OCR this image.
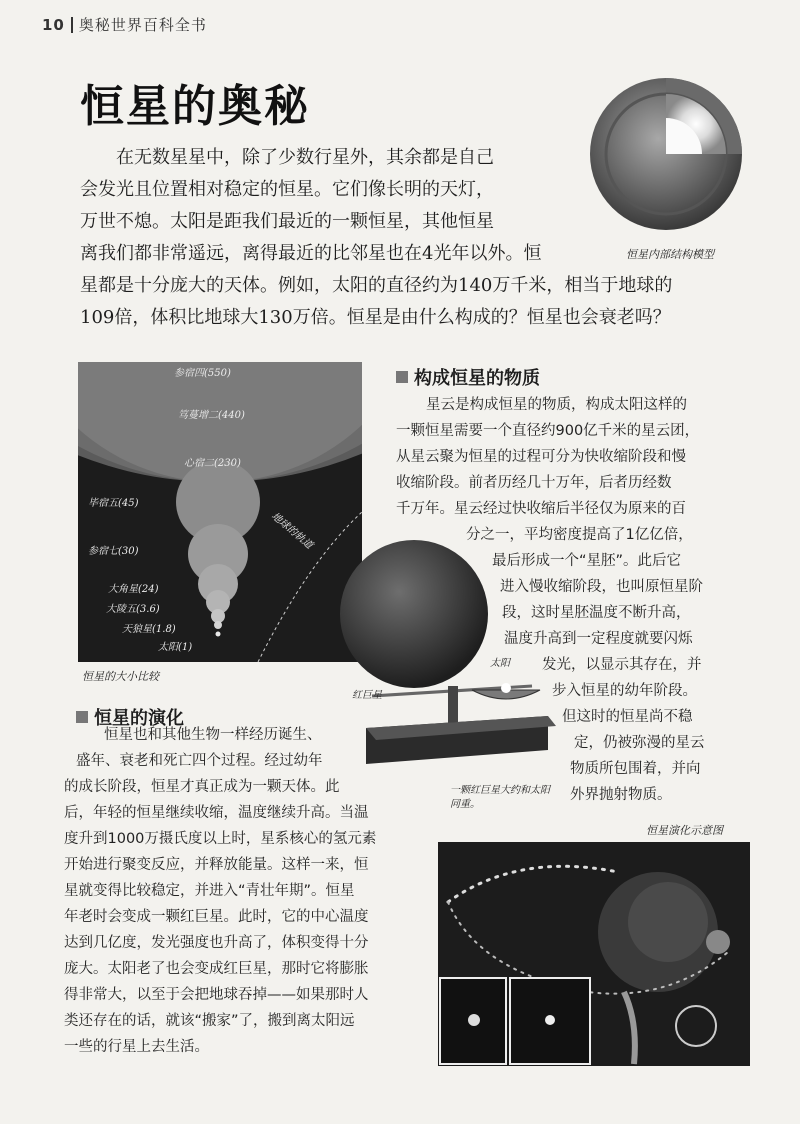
10 奥秘世界百科全书
恒星的奥秘
恒星内部结构模型

在无数星星中，除了少数行星外，其余都是自己

会发光且位置相对稳定的恒星。它们像长明的天灯，

万世不熄。太阳是距我们最近的一颗恒星，其他恒星

离我们都非常遥远，离得最近的比邻星也在4光年以外。恒

星都是十分庞大的天体。例如，太阳的直径约为140万千米，相当于地球的

109倍，体积比地球大130万倍。恒星是由什么构成的？恒星也会衰老吗？

参宿四(550)
笃蔓增二(440)
心宿二(230)
毕宿五(45)
参宿七(30)
大角星(24)
大陵五(3.6)
天狼星(1.8)
太阳(1)
地球的轨道
恒星的大小比较
构成恒星的物质
星云是构成恒星的物质，构成太阳这样的
一颗恒星需要一个直径约900亿千米的星云团，
从星云聚为恒星的过程可分为快收缩阶段和慢
收缩阶段。前者历经几十万年，后者历经数
千万年。星云经过快收缩后半径仅为原来的百
分之一，平均密度提高了1亿亿倍，
最后形成一个“星胚”。此后它
进入慢收缩阶段，也叫原恒星阶
段，这时星胚温度不断升高，
温度升高到一定程度就要闪烁
发光，以显示其存在，并
步入恒星的幼年阶段。
但这时的恒星尚不稳
定，仍被弥漫的星云
物质所包围着，并向
外界抛射物质。
红巨星
太阳
一颗红巨星大约和太阳同重。
恒星的演化
恒星也和其他生物一样经历诞生、
盛年、衰老和死亡四个过程。经过幼年
的成长阶段，恒星才真正成为一颗天体。此
后，年轻的恒星继续收缩，温度继续升高。当温
度升到1000万摄氏度以上时，星系核心的氢元素
开始进行聚变反应，并释放能量。这样一来，恒
星就变得比较稳定，并进入“青壮年期”。恒星
年老时会变成一颗红巨星。此时，它的中心温度
达到几亿度，发光强度也升高了，体积变得十分
庞大。太阳老了也会变成红巨星，那时它将膨胀
得非常大，以至于会把地球吞掉——如果那时人
类还存在的话，就该“搬家”了，搬到离太阳远
一些的行星上去生活。
恒星演化示意图
